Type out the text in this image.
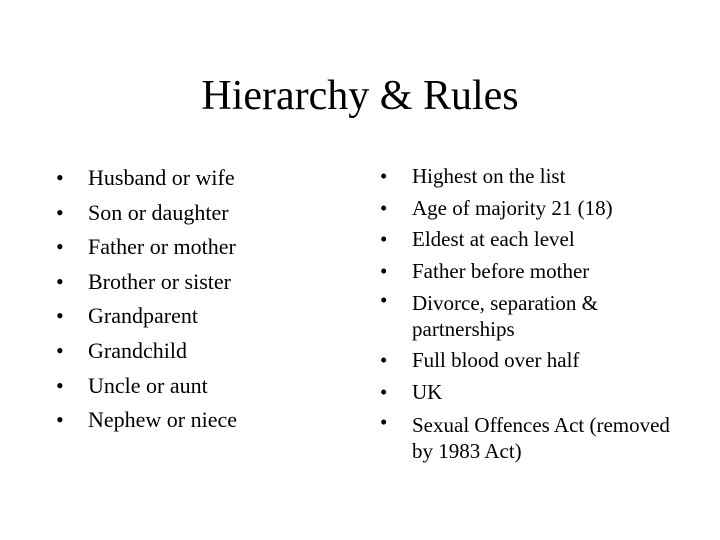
Hierarchy & Rules
•	Husband or wife
•	Son or daughter
•	Father or mother
•	Brother or sister
•	Grandparent
•	Grandchild
•	Uncle or aunt
•	Nephew or niece
•	Highest on the list
•	Age of majority 21 (18)
•	Eldest at each level
•	Father before mother
•	Divorce, separation & partnerships
•	Full blood over half
•	UK
•	Sexual Offences Act (removed by 1983 Act)
